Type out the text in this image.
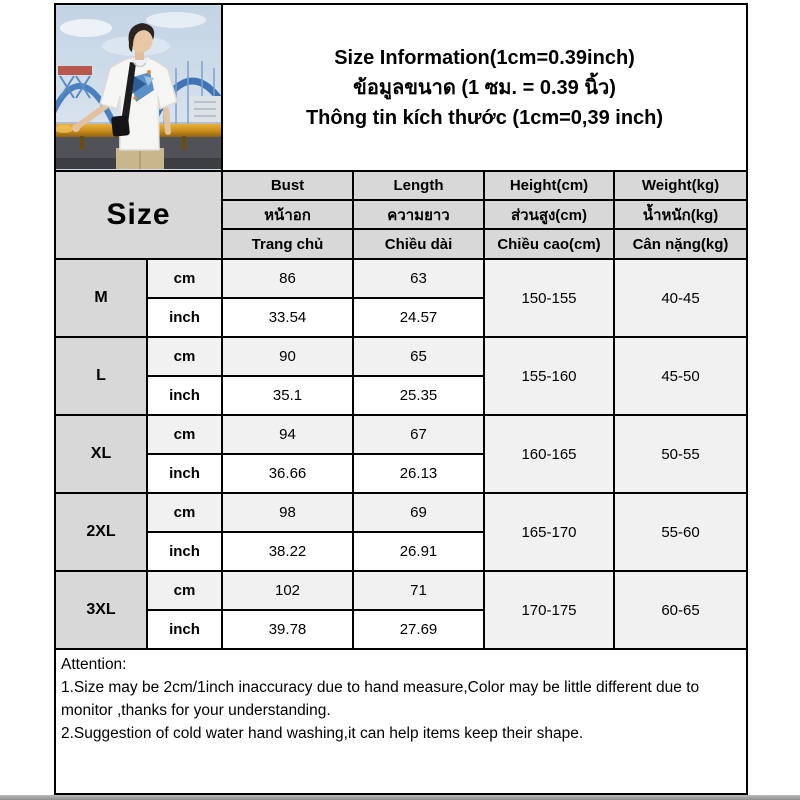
Size Information(1cm=0.39inch)
ข้อมูลขนาด (1 ซม. = 0.39 นิ้ว)
Thông tin kích thước (1cm=0,39 inch)			

Size		Bust	Length	Height(cm)	Weight(kg)
		หน้าอก	ความยาว	ส่วนสูง(cm)	น้ำหนัก(kg)
		Trang chủ	Chiều dài	Chiều cao(cm)	Cân nặng(kg)
M	cm	86	63	150-155	40-45
	inch	33.54	24.57		
L	cm	90	65	155-160	45-50
	inch	35.1	25.35		
XL	cm	94	67	160-165	50-55
	inch	36.66	26.13		
2XL	cm	98	69	165-170	55-60
	inch	38.22	26.91		
3XL	cm	102	71	170-175	60-65
	inch	39.78	27.69		

Attention:
1.Size may be 2cm/1inch inaccuracy due to hand measure,Color may be little different due to monitor ,thanks for your understanding.
2.Suggestion of cold water hand washing,it can help items keep their shape.					
